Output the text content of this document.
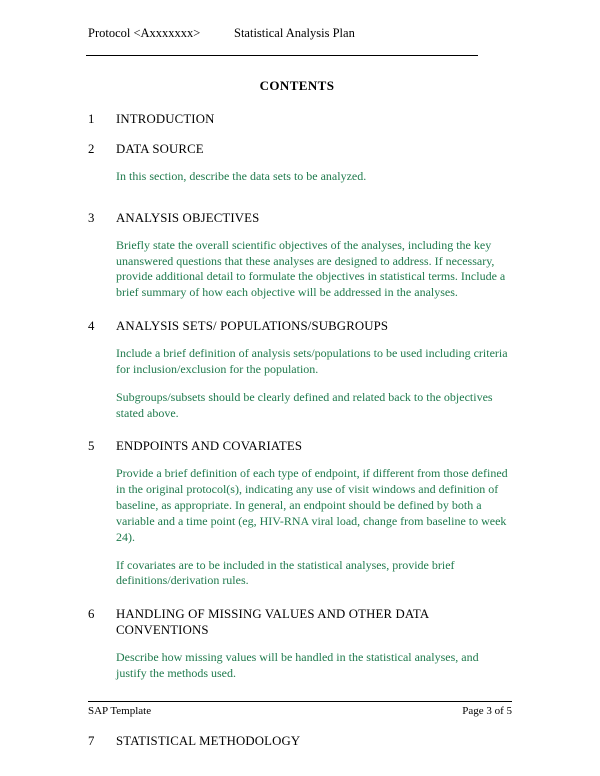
Protocol <Axxxxxxx>	Statistical Analysis Plan
CONTENTS
1	INTRODUCTION
2	DATA SOURCE
In this section, describe the data sets to be analyzed.
3	ANALYSIS OBJECTIVES
Briefly state the overall scientific objectives of the analyses, including the key unanswered questions that these analyses are designed to address. If necessary, provide additional detail to formulate the objectives in statistical terms. Include a brief summary of how each objective will be addressed in the analyses.
4	ANALYSIS SETS/ POPULATIONS/SUBGROUPS
Include a brief definition of analysis sets/populations to be used including criteria for inclusion/exclusion for the population.
Subgroups/subsets should be clearly defined and related back to the objectives stated above.
5	ENDPOINTS AND COVARIATES
Provide a brief definition of each type of endpoint, if different from those defined in the original protocol(s), indicating any use of visit windows and definition of baseline, as appropriate. In general, an endpoint should be defined by both a variable and a time point (eg, HIV-RNA viral load, change from baseline to week 24).
If covariates are to be included in the statistical analyses, provide brief definitions/derivation rules.
6	HANDLING OF MISSING VALUES AND OTHER DATA CONVENTIONS
Describe how missing values will be handled in the statistical analyses, and justify the methods used.
7	STATISTICAL METHODOLOGY
SAP Template	Page 3 of 5
